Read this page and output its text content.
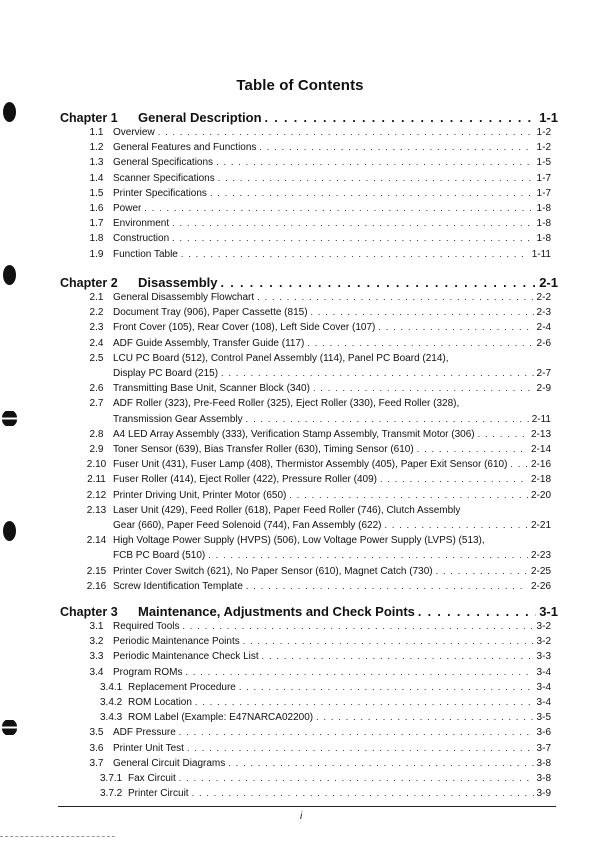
Table of Contents
Chapter 1	General Description . . .	1-1
1.1 Overview . . .	1-2
1.2 General Features and Functions . . .	1-2
1.3 General Specifications . . .	1-5
1.4 Scanner Specifications . . .	1-7
1.5 Printer Specifications . . .	1-7
1.6 Power . . .	1-8
1.7 Environment . . .	1-8
1.8 Construction . . .	1-8
1.9 Function Table . . .	1-11
Chapter 2	Disassembly . . .	2-1
2.1 General Disassembly Flowchart . . .	2-2
2.2 Document Tray (906), Paper Cassette (815) . . .	2-3
2.3 Front Cover (105), Rear Cover (108), Left Side Cover (107) . . .	2-4
2.4 ADF Guide Assembly, Transfer Guide (117) . . .	2-6
2.5 LCU PC Board (512), Control Panel Assembly (114), Panel PC Board (214),
Display PC Board (215) . . .	2-7
2.6 Transmitting Base Unit, Scanner Block (340) . . .	2-9
2.7 ADF Roller (323), Pre-Feed Roller (325), Eject Roller (330), Feed Roller (328),
Transmission Gear Assembly . . .	2-11
2.8 A4 LED Array Assembly (333), Verification Stamp Assembly, Transmit Motor (306) . . .	2-13
2.9 Toner Sensor (639), Bias Transfer Roller (630), Timing Sensor (610) . . .	2-14
2.10 Fuser Unit (431), Fuser Lamp (408), Thermistor Assembly (405), Paper Exit Sensor (610) . . . 2-16
2.11 Fuser Roller (414), Eject Roller (422), Pressure Roller (409) . . .	2-18
2.12 Printer Driving Unit, Printer Motor (650) . . .	2-20
2.13 Laser Unit (429), Feed Roller (618), Paper Feed Roller (746), Clutch Assembly
Gear (660), Paper Feed Solenoid (744), Fan Assembly (622) . . .	2-21
2.14 High Voltage Power Supply (HVPS) (506), Low Voltage Power Supply (LVPS) (513),
FCB PC Board (510) . . .	2-23
2.15 Printer Cover Switch (621), No Paper Sensor (610), Magnet Catch (730) . . .	2-25
2.16 Screw Identification Template . . .	2-26
Chapter 3	Maintenance, Adjustments and Check Points . . .	3-1
3.1 Required Tools . . .	3-2
3.2 Periodic Maintenance Points . . .	3-2
3.3 Periodic Maintenance Check List . . .	3-3
3.4 Program ROMs . . .	3-4
3.4.1 Replacement Procedure . . .	3-4
3.4.2 ROM Location . . .	3-4
3.4.3 ROM Label (Example: E47NARCA02200) . . .	3-5
3.5 ADF Pressure . . .	3-6
3.6 Printer Unit Test . . .	3-7
3.7 General Circuit Diagrams . . .	3-8
3.7.1 Fax Circuit . . .	3-8
3.7.2 Printer Circuit . . .	3-9
i
